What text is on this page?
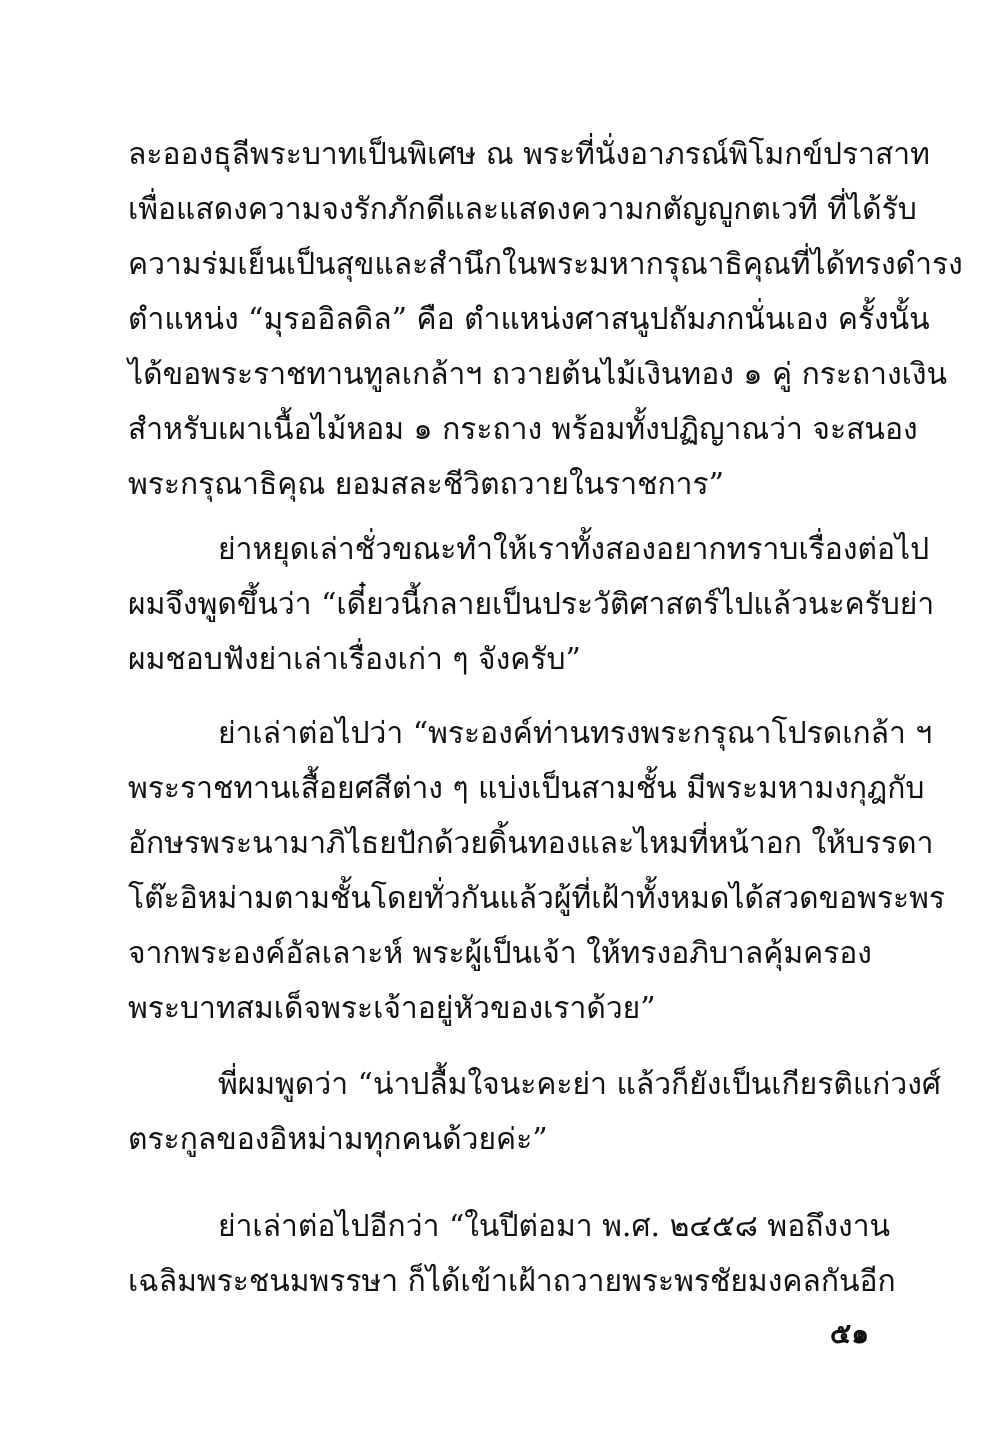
ละอองธุลีพระบาทเป็นพิเศษ ณ พระที่นั่งอาภรณ์พิโมกข์ปราสาท
เพื่อแสดงความจงรักภักดีและแสดงความกตัญญูกตเวที ที่ได้รับ
ความร่มเย็นเป็นสุขและสำนึกในพระมหากรุณาธิคุณที่ได้ทรงดำรง
ตำแหน่ง “มุรออิลดิล” คือ ตำแหน่งศาสนูปถัมภกนั่นเอง ครั้งนั้น
ได้ขอพระราชทานทูลเกล้าฯ ถวายต้นไม้เงินทอง ๑ คู่ กระถางเงิน
สำหรับเผาเนื้อไม้หอม ๑ กระถาง พร้อมทั้งปฏิญาณว่า จะสนอง
พระกรุณาธิคุณ ยอมสละชีวิตถวายในราชการ”
ย่าหยุดเล่าชั่วขณะทำให้เราทั้งสองอยากทราบเรื่องต่อไป
ผมจึงพูดขึ้นว่า “เดี๋ยวนี้กลายเป็นประวัติศาสตร์ไปแล้วนะครับย่า
ผมชอบฟังย่าเล่าเรื่องเก่า ๆ จังครับ”
ย่าเล่าต่อไปว่า “พระองค์ท่านทรงพระกรุณาโปรดเกล้า ฯ
พระราชทานเสื้อยศสีต่าง ๆ แบ่งเป็นสามชั้น มีพระมหามงกุฎกับ
อักษรพระนามาภิไธยปักด้วยดิ้นทองและไหมที่หน้าอก ให้บรรดา
โต๊ะอิหม่ามตามชั้นโดยทั่วกันแล้วผู้ที่เฝ้าทั้งหมดได้สวดขอพระพร
จากพระองค์อัลเลาะห์ พระผู้เป็นเจ้า ให้ทรงอภิบาลคุ้มครอง
พระบาทสมเด็จพระเจ้าอยู่หัวของเราด้วย”
พี่ผมพูดว่า “น่าปลื้มใจนะคะย่า แล้วก็ยังเป็นเกียรติแก่วงศ์
ตระกูลของอิหม่ามทุกคนด้วยค่ะ”
ย่าเล่าต่อไปอีกว่า “ในปีต่อมา พ.ศ. ๒๔๕๘ พอถึงงาน
เฉลิมพระชนมพรรษา ก็ได้เข้าเฝ้าถวายพระพรชัยมงคลกันอีก
๕๑
